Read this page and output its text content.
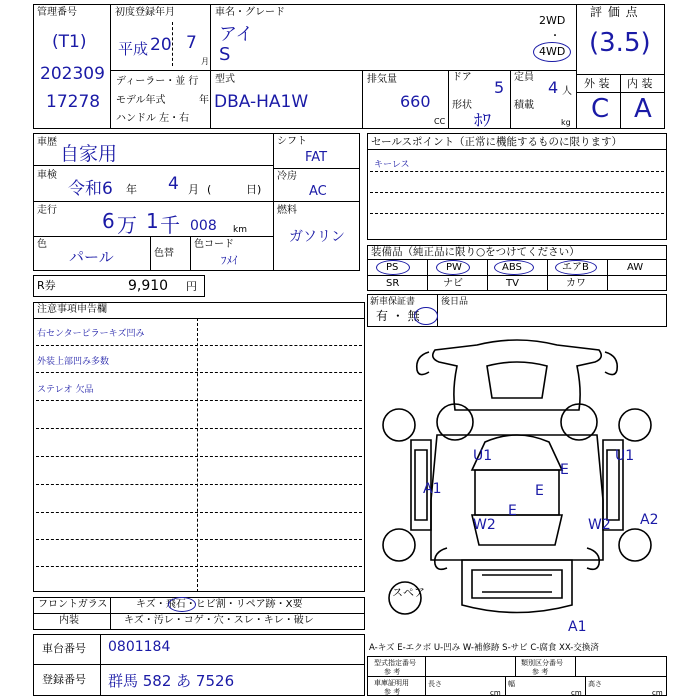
管理番号
(T1)
202309
17278
初度登録年月
平成 20 7
月
車名・グレード
アイ
S
2WD
・
4WD
評 価 点
(3.5)
外 装 内 装
C A
ディーラー・並 行
モデル年式	年
ハンドル 左・右
型式
DBA-HA1W
排気量
660
CC
ドア
5
形状
ﾎﾜ
定員
4 人
積載
kg
車歴
自家用
車検
令和6 年 4 月 (	日)
走行 6 万 1 千 008 km
色
パール	色替
色コード
ﾌﾒｲ
シフト
FAT
冷房
AC
燃料
ガソリン
R券	9,910 円
セールスポイント（正常に機能するものに限ります）
キーレス
装備品（純正品に限り○をつけてください）
PS	PW	ABS	エアB	AW
SR	ナビ	TV	カワ
新車保証書
有 ・ 無
後日品
注意事項申告欄
右センターピラーキズ凹み
外装上部凹み多数
ステレオ 欠品
フロントガラス	キズ・飛石・ヒビ割・リペア跡・X要
内装	キズ・汚レ・コゲ・穴・スレ・キレ・破レ
スペア
U1	U1
A1
E
E
E
W2	W2 A2
A1
A-キズ E-エクボ U-凹み W-補修跡 S-サビ C-腐食 XX-交換済
車台番号 0801184
登録番号 群馬 582 あ 7526
型式指定番号
参 考
類別区分番号
参 考
車庫証明用
参 考
長さ
cm
幅
cm
高さ
cm
